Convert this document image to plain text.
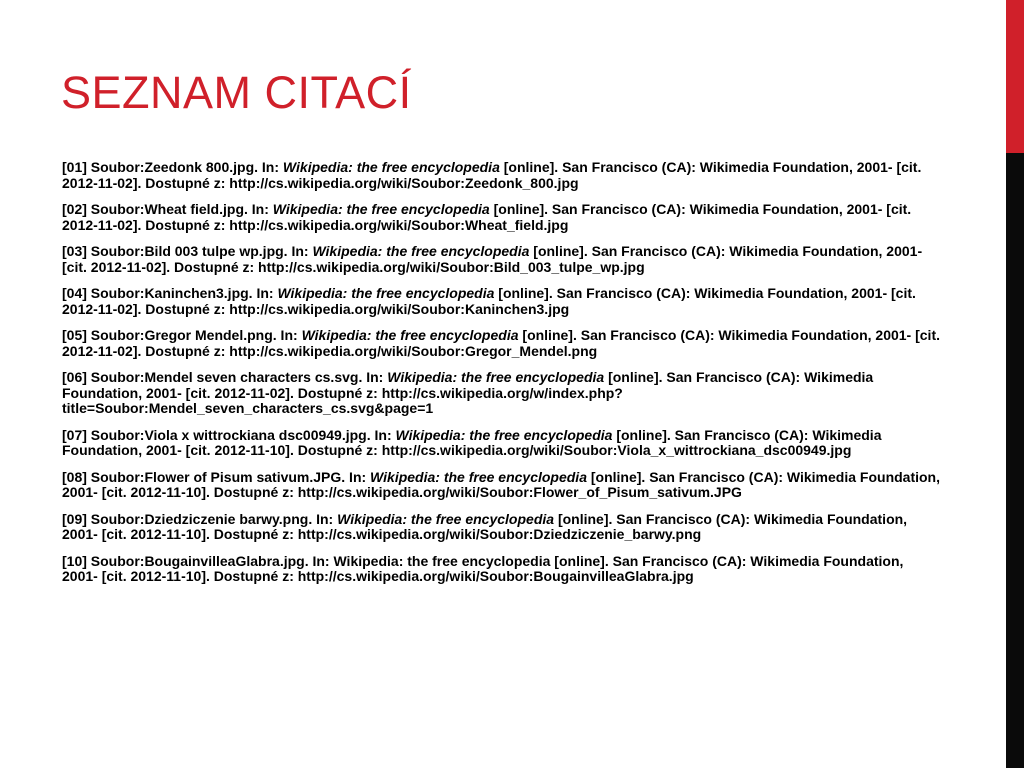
SEZNAM CITACÍ
[01] Soubor:Zeedonk 800.jpg. In: Wikipedia: the free encyclopedia [online]. San Francisco (CA): Wikimedia Foundation, 2001- [cit. 2012-11-02]. Dostupné z: http://cs.wikipedia.org/wiki/Soubor:Zeedonk_800.jpg
[02] Soubor:Wheat field.jpg. In: Wikipedia: the free encyclopedia [online]. San Francisco (CA): Wikimedia Foundation, 2001- [cit. 2012-11-02]. Dostupné z: http://cs.wikipedia.org/wiki/Soubor:Wheat_field.jpg
[03] Soubor:Bild 003 tulpe wp.jpg. In: Wikipedia: the free encyclopedia [online]. San Francisco (CA): Wikimedia Foundation, 2001- [cit. 2012-11-02]. Dostupné z: http://cs.wikipedia.org/wiki/Soubor:Bild_003_tulpe_wp.jpg
[04] Soubor:Kaninchen3.jpg. In: Wikipedia: the free encyclopedia [online]. San Francisco (CA): Wikimedia Foundation, 2001- [cit. 2012-11-02]. Dostupné z: http://cs.wikipedia.org/wiki/Soubor:Kaninchen3.jpg
[05] Soubor:Gregor Mendel.png. In: Wikipedia: the free encyclopedia [online]. San Francisco (CA): Wikimedia Foundation, 2001- [cit. 2012-11-02]. Dostupné z: http://cs.wikipedia.org/wiki/Soubor:Gregor_Mendel.png
[06] Soubor:Mendel seven characters cs.svg. In: Wikipedia: the free encyclopedia [online]. San Francisco (CA): Wikimedia Foundation, 2001- [cit. 2012-11-02]. Dostupné z: http://cs.wikipedia.org/w/index.php?title=Soubor:Mendel_seven_characters_cs.svg&page=1
[07] Soubor:Viola x wittrockiana dsc00949.jpg. In: Wikipedia: the free encyclopedia [online]. San Francisco (CA): Wikimedia Foundation, 2001- [cit. 2012-11-10]. Dostupné z: http://cs.wikipedia.org/wiki/Soubor:Viola_x_wittrockiana_dsc00949.jpg
[08] Soubor:Flower of Pisum sativum.JPG. In: Wikipedia: the free encyclopedia [online]. San Francisco (CA): Wikimedia Foundation, 2001- [cit. 2012-11-10]. Dostupné z: http://cs.wikipedia.org/wiki/Soubor:Flower_of_Pisum_sativum.JPG
[09] Soubor:Dziedziczenie barwy.png. In: Wikipedia: the free encyclopedia [online]. San Francisco (CA): Wikimedia Foundation, 2001- [cit. 2012-11-10]. Dostupné z: http://cs.wikipedia.org/wiki/Soubor:Dziedziczenie_barwy.png
[10] Soubor:BougainvilleaGlabra.jpg. In: Wikipedia: the free encyclopedia [online]. San Francisco (CA): Wikimedia Foundation, 2001- [cit. 2012-11-10]. Dostupné z: http://cs.wikipedia.org/wiki/Soubor:BougainvilleaGlabra.jpg
